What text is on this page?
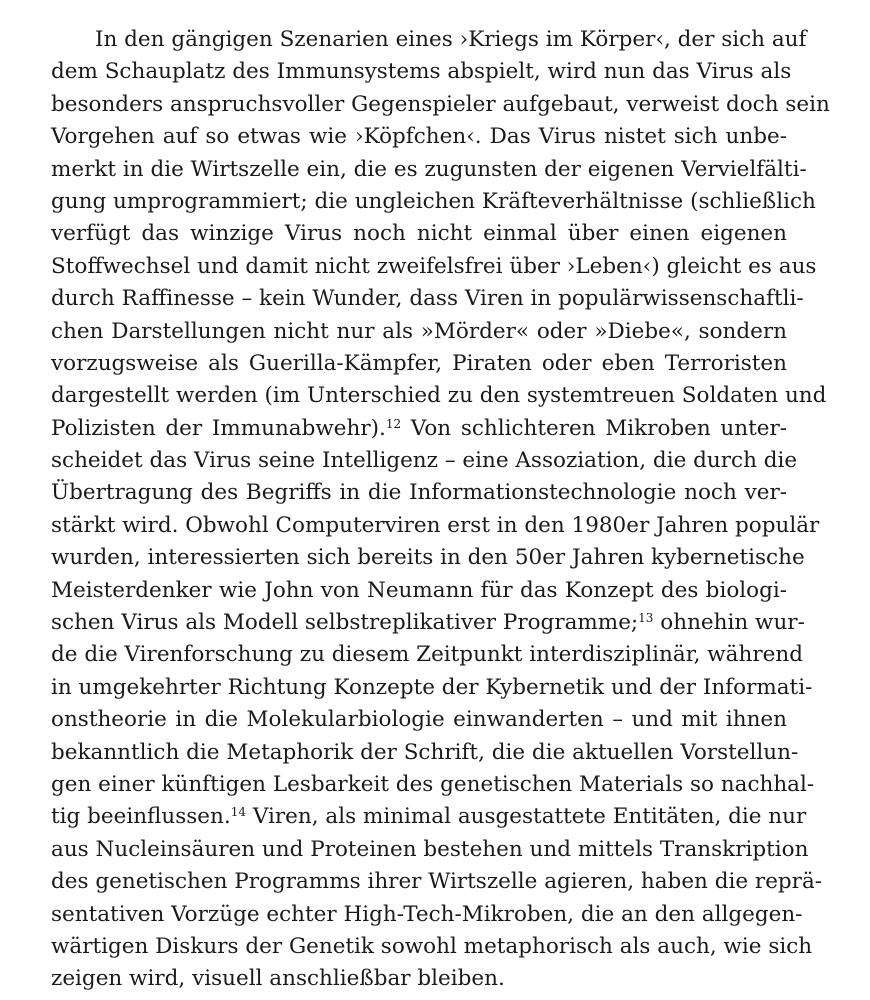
In den gängigen Szenarien eines ›Kriegs im Körper‹, der sich auf
dem Schauplatz des Immunsystems abspielt, wird nun das Virus als
besonders anspruchsvoller Gegenspieler aufgebaut, verweist doch sein
Vorgehen auf so etwas wie ›Köpfchen‹. Das Virus nistet sich unbe-
merkt in die Wirtszelle ein, die es zugunsten der eigenen Vervielfälti-
gung umprogrammiert; die ungleichen Kräfteverhältnisse (schließlich
verfügt das winzige Virus noch nicht einmal über einen eigenen
Stoffwechsel und damit nicht zweifelsfrei über ›Leben‹) gleicht es aus
durch Raffinesse – kein Wunder, dass Viren in populärwissenschaftli-
chen Darstellungen nicht nur als »Mörder« oder »Diebe«, sondern
vorzugsweise als Guerilla-Kämpfer, Piraten oder eben Terroristen
dargestellt werden (im Unterschied zu den systemtreuen Soldaten und
Polizisten der Immunabwehr).$^{12}$ Von schlichteren Mikroben unter-
scheidet das Virus seine Intelligenz – eine Assoziation, die durch die
Übertragung des Begriffs in die Informationstechnologie noch ver-
stärkt wird. Obwohl Computerviren erst in den 1980er Jahren populär
wurden, interessierten sich bereits in den 50er Jahren kybernetische
Meisterdenker wie John von Neumann für das Konzept des biologi-
schen Virus als Modell selbstreplikativer Programme;$^{13}$ ohnehin wur-
de die Virenforschung zu diesem Zeitpunkt interdisziplinär, während
in umgekehrter Richtung Konzepte der Kybernetik und der Informati-
onstheorie in die Molekularbiologie einwanderten – und mit ihnen
bekanntlich die Metaphorik der Schrift, die die aktuellen Vorstellun-
gen einer künftigen Lesbarkeit des genetischen Materials so nachhal-
tig beeinflussen.$^{14}$ Viren, als minimal ausgestattete Entitäten, die nur
aus Nucleinsäuren und Proteinen bestehen und mittels Transkription
des genetischen Programms ihrer Wirtszelle agieren, haben die reprä-
sentativen Vorzüge echter High-Tech-Mikroben, die an den allgegen-
wärtigen Diskurs der Genetik sowohl metaphorisch als auch, wie sich
zeigen wird, visuell anschließbar bleiben.
